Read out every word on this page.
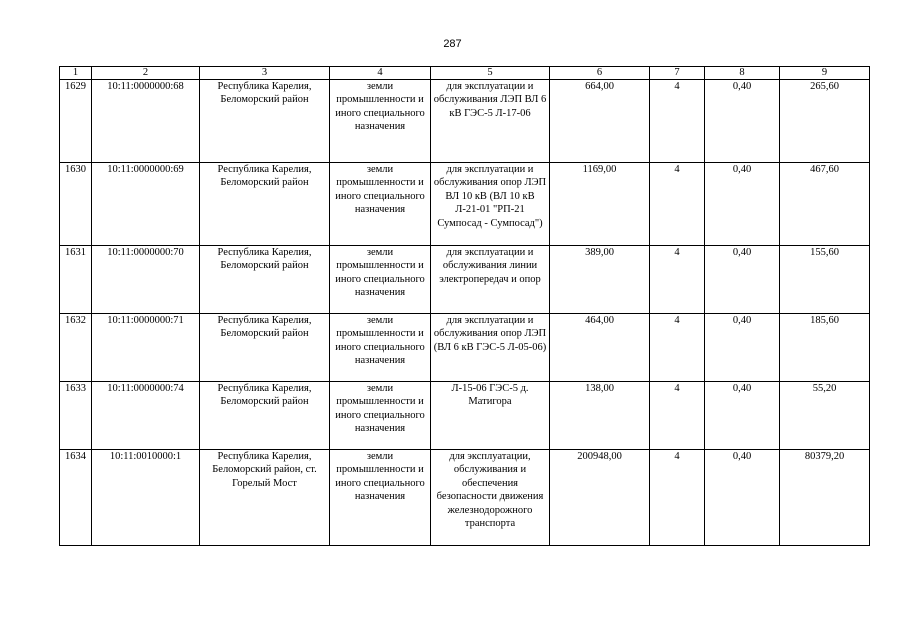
287
1	2	3	4	5	6	7	8	9
1629	10:11:0000000:68	Республика Карелия, Беломорский район	земли промышленности и иного специального назначения	для эксплуатации и обслуживания ЛЭП ВЛ 6 кВ ГЭС-5 Л-17-06	664,00	4	0,40	265,60
1630	10:11:0000000:69	Республика Карелия, Беломорский район	земли промышленности и иного специального назначения	для эксплуатации и обслуживания опор ЛЭП ВЛ 10 кВ (ВЛ 10 кВ Л-21-01 "РП-21 Сумпосад - Сумпосад")	1169,00	4	0,40	467,60
1631	10:11:0000000:70	Республика Карелия, Беломорский район	земли промышленности и иного специального назначения	для эксплуатации и обслуживания линии электропередач и опор	389,00	4	0,40	155,60
1632	10:11:0000000:71	Республика Карелия, Беломорский район	земли промышленности и иного специального назначения	для эксплуатации и обслуживания опор ЛЭП (ВЛ 6 кВ ГЭС-5 Л-05-06)	464,00	4	0,40	185,60
1633	10:11:0000000:74	Республика Карелия, Беломорский район	земли промышленности и иного специального назначения	Л-15-06 ГЭС-5 д. Матигора	138,00	4	0,40	55,20
1634	10:11:0010000:1	Республика Карелия, Беломорский район, ст. Горелый Мост	земли промышленности и иного специального назначения	для эксплуатации, обслуживания и обеспечения безопасности движения железнодорожного транспорта	200948,00	4	0,40	80379,20
